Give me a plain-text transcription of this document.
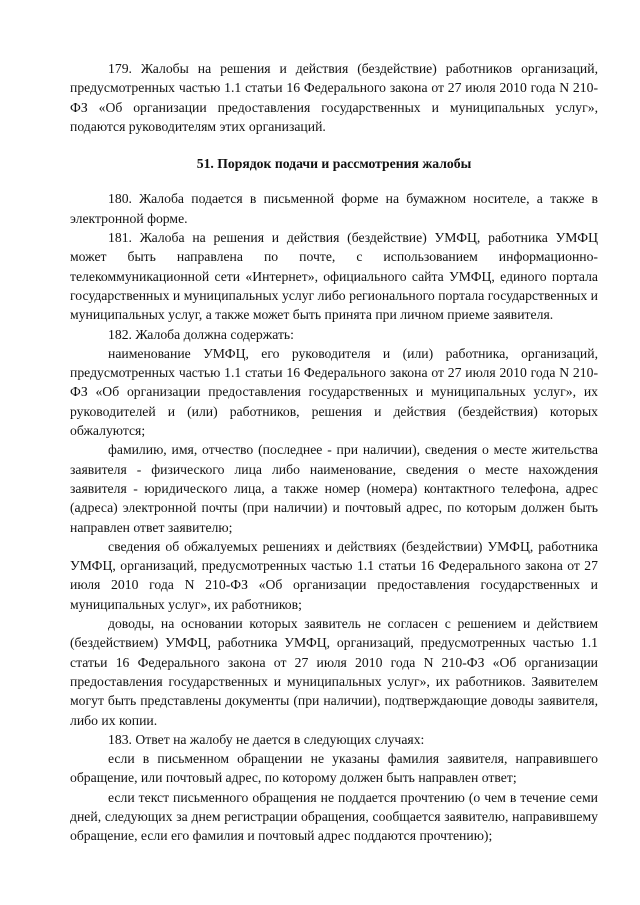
179. Жалобы на решения и действия (бездействие) работников организаций, предусмотренных частью 1.1 статьи 16 Федерального закона от 27 июля 2010 года N 210-ФЗ «Об организации предоставления государственных и муниципальных услуг», подаются руководителям этих организаций.

51. Порядок подачи и рассмотрения жалобы

180. Жалоба подается в письменной форме на бумажном носителе, а также в электронной форме.

181. Жалоба на решения и действия (бездействие) УМФЦ, работника УМФЦ может быть направлена по почте, с использованием информационно-телекоммуникационной сети «Интернет», официального сайта УМФЦ, единого портала государственных и муниципальных услуг либо регионального портала государственных и муниципальных услуг, а также может быть принята при личном приеме заявителя.

182. Жалоба должна содержать:

наименование УМФЦ, его руководителя и (или) работника, организаций, предусмотренных частью 1.1 статьи 16 Федерального закона от 27 июля 2010 года N 210-ФЗ «Об организации предоставления государственных и муниципальных услуг», их руководителей и (или) работников, решения и действия (бездействия) которых обжалуются;

фамилию, имя, отчество (последнее - при наличии), сведения о месте жительства заявителя - физического лица либо наименование, сведения о месте нахождения заявителя - юридического лица, а также номер (номера) контактного телефона, адрес (адреса) электронной почты (при наличии) и почтовый адрес, по которым должен быть направлен ответ заявителю;

сведения об обжалуемых решениях и действиях (бездействии) УМФЦ, работника УМФЦ, организаций, предусмотренных частью 1.1 статьи 16 Федерального закона от 27 июля 2010 года N 210-ФЗ «Об организации предоставления государственных и муниципальных услуг», их работников;

доводы, на основании которых заявитель не согласен с решением и действием (бездействием) УМФЦ, работника УМФЦ, организаций, предусмотренных частью 1.1 статьи 16 Федерального закона от 27 июля 2010 года N 210-ФЗ «Об организации предоставления государственных и муниципальных услуг», их работников. Заявителем могут быть представлены документы (при наличии), подтверждающие доводы заявителя, либо их копии.

183. Ответ на жалобу не дается в следующих случаях:

если в письменном обращении не указаны фамилия заявителя, направившего обращение, или почтовый адрес, по которому должен быть направлен ответ;

если текст письменного обращения не поддается прочтению (о чем в течение семи дней, следующих за днем регистрации обращения, сообщается заявителю, направившему обращение, если его фамилия и почтовый адрес поддаются прочтению);
